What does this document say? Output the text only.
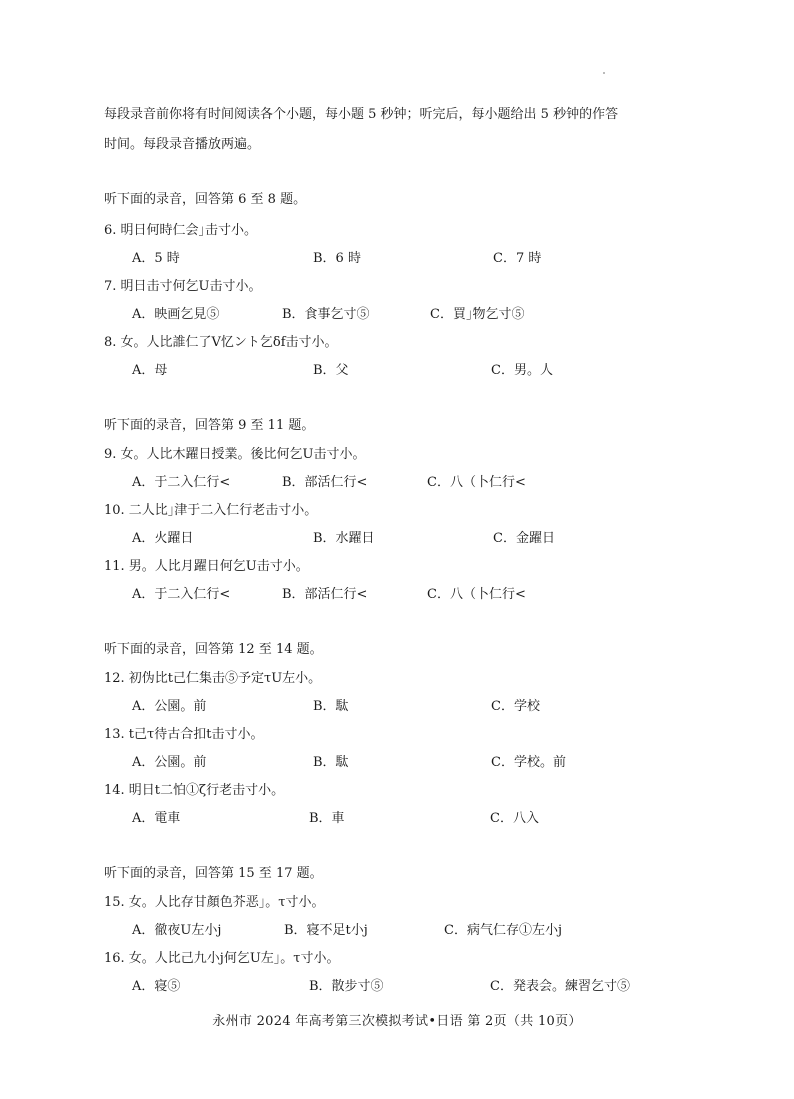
每段录音前你将有时间阅读各个小题，每小题 5 秒钟；听完后，每小题给出 5 秒钟的作答
时间。每段录音播放两遍。
听下面的录音，回答第 6 至 8 题。
6. 明日何時仁会｣击寸小。
A．5 時	B．6 時	C．7 時
7. 明日击寸何乞U击寸小。
A．映画乞見⑤	B．食事乞寸⑤	C．買｣物乞寸⑤
8. 女。人比誰仁了V忆ント乞δf击寸小。
A．母	B．父	C．男。人
听下面的录音，回答第 9 至 11 题。
9. 女。人比木躍日授業。後比何乞U击寸小。
A．于二入仁行<	B．部活仁行<	C．八（卜仁行<
10. 二人比｣津于二入仁行老击寸小。
A．火躍日	B．水躍日	C．金躍日
11. 男。人比月躍日何乞U击寸小。
A．于二入仁行<	B．部活仁行<	C．八（卜仁行<
听下面的录音，回答第 12 至 14 题。
12. 初伪比t己仁集击⑤予定τU左小。
A．公園。前	B．駄	C．学校
13. t己τ待古合扣t击寸小。
A．公園。前	B．駄	C．学校。前
14. 明日t二怕①ζ行老击寸小。
A．電車	B．車	C．八入
听下面的录音，回答第 15 至 17 题。
15. 女。人比存甘顏色芥恶｣。τ寸小。
A．徹夜U左小j	B．寝不足t小j	C．病气仁存①左小j
16. 女。人比己九小j何乞U左｣。τ寸小。
A．寝⑤	B．散步寸⑤	C．発表会。練習乞寸⑤
永州市 2024 年高考第三次模拟考试•日语 第 2页（共 10页）
